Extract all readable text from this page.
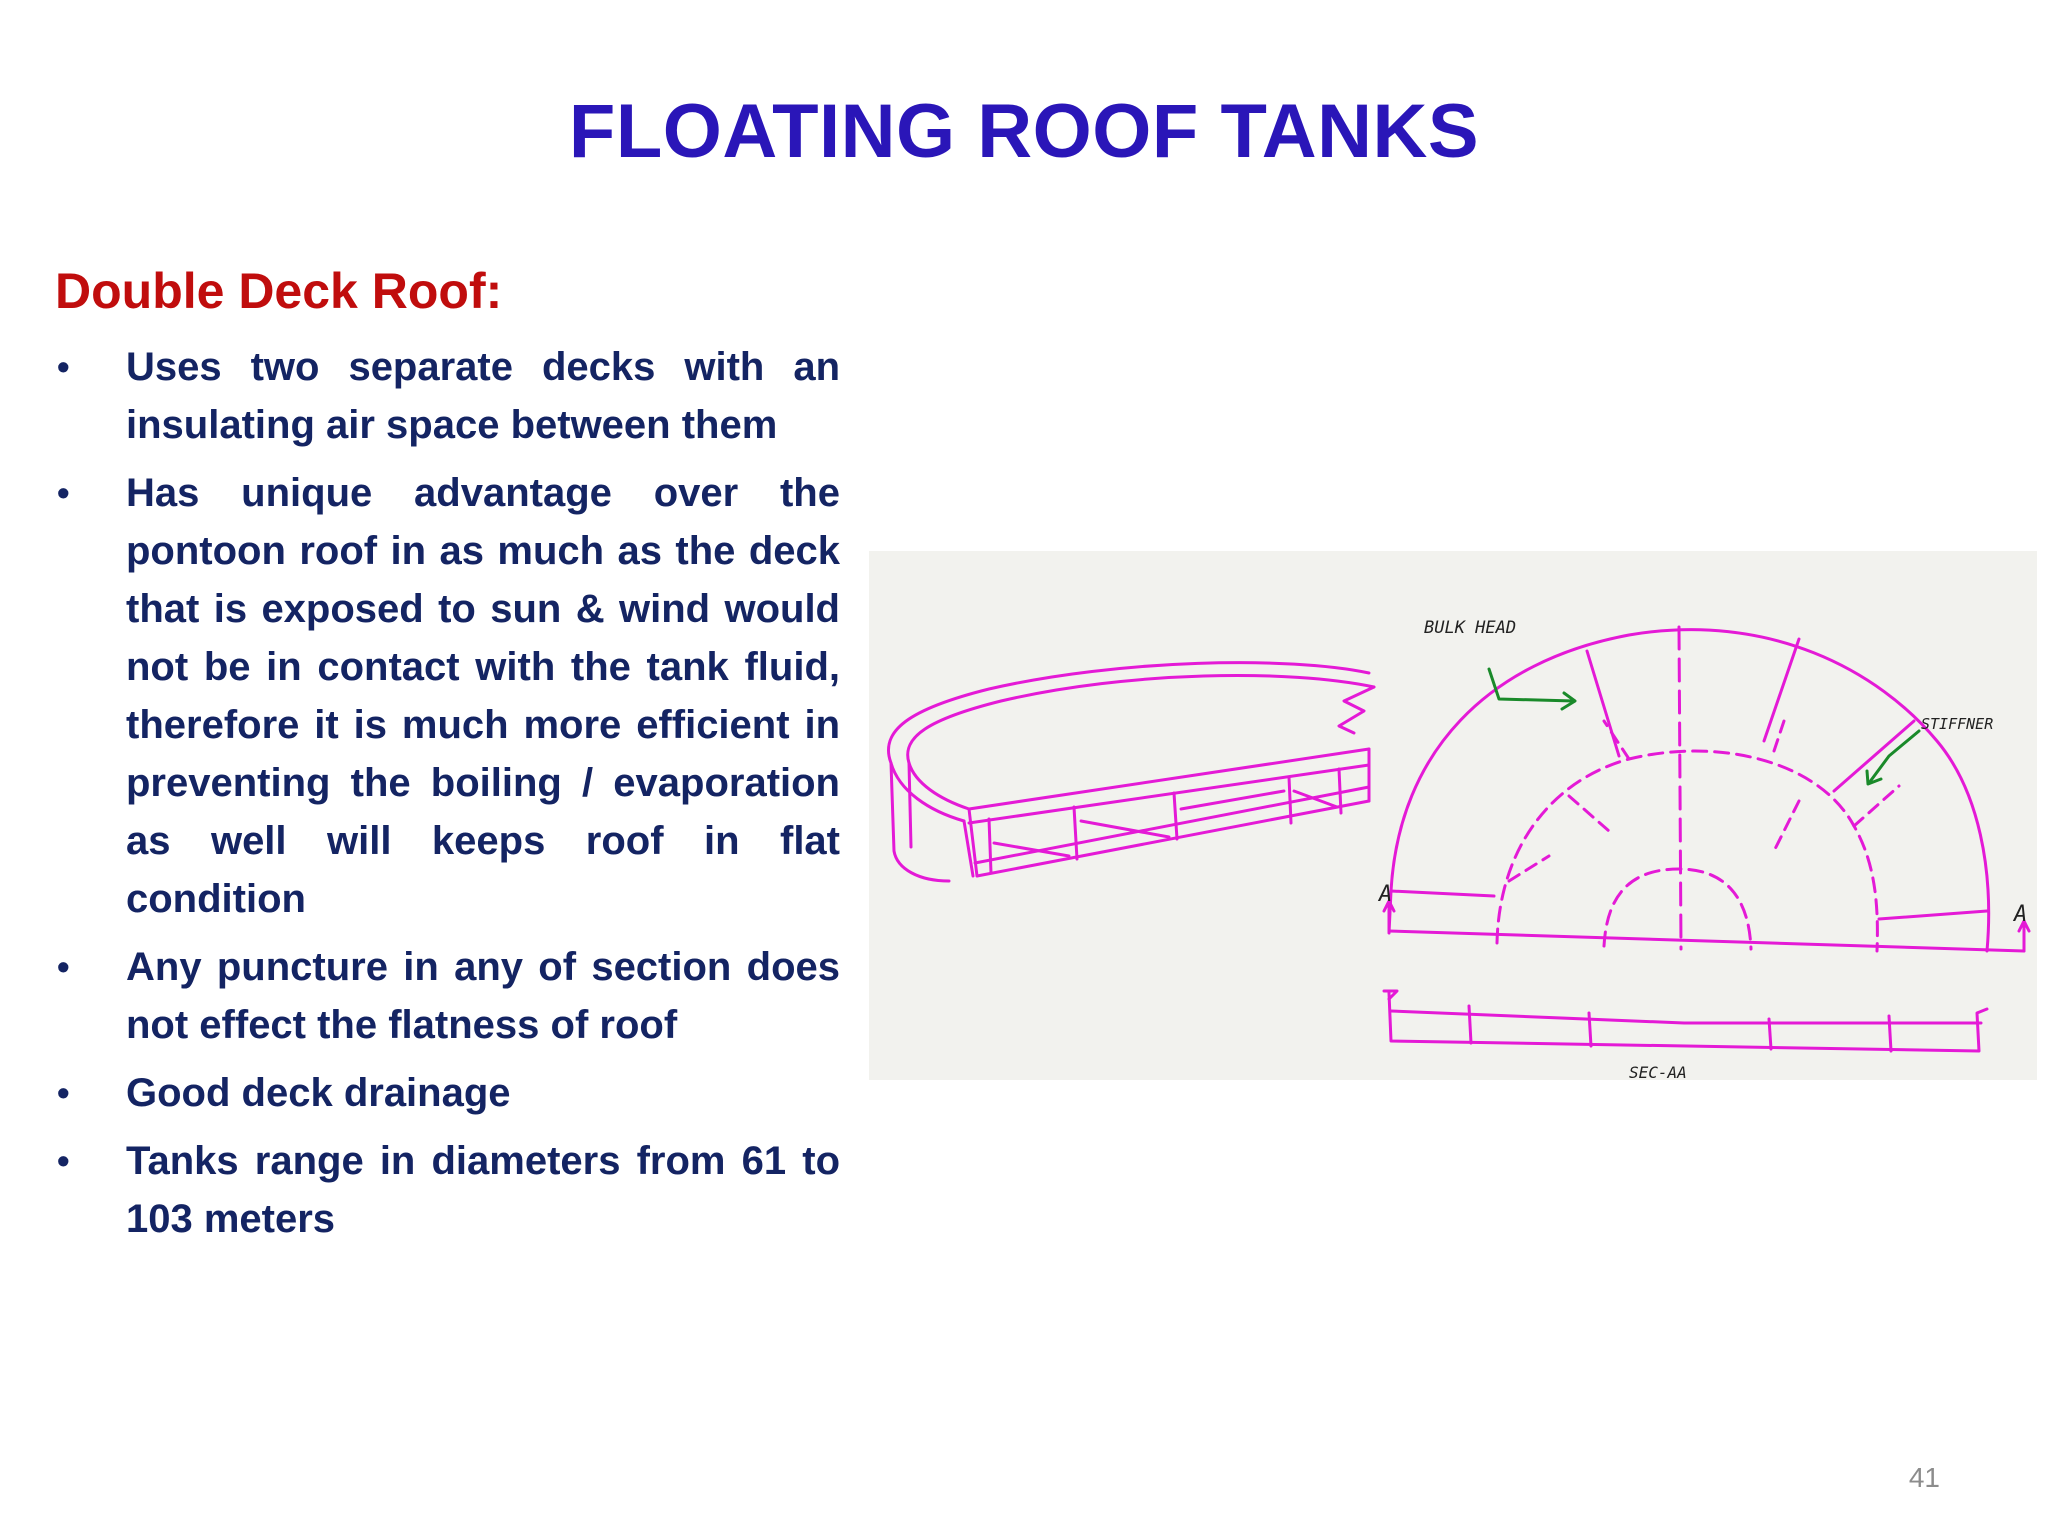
FLOATING ROOF TANKS
Double Deck Roof:
• Uses two separate decks with an insulating air space between them
• Has unique advantage over the pontoon roof in as much as the deck that is exposed to sun & wind would not be in contact with the tank fluid, therefore it is much more efficient in preventing the boiling / evaporation as well will keeps roof in flat condition
• Any puncture in any of section does not effect the flatness of roof
• Good deck drainage
• Tanks range in diameters from 61 to 103 meters
BULK HEAD
STIFFNER
A
A
SEC-AA
41
